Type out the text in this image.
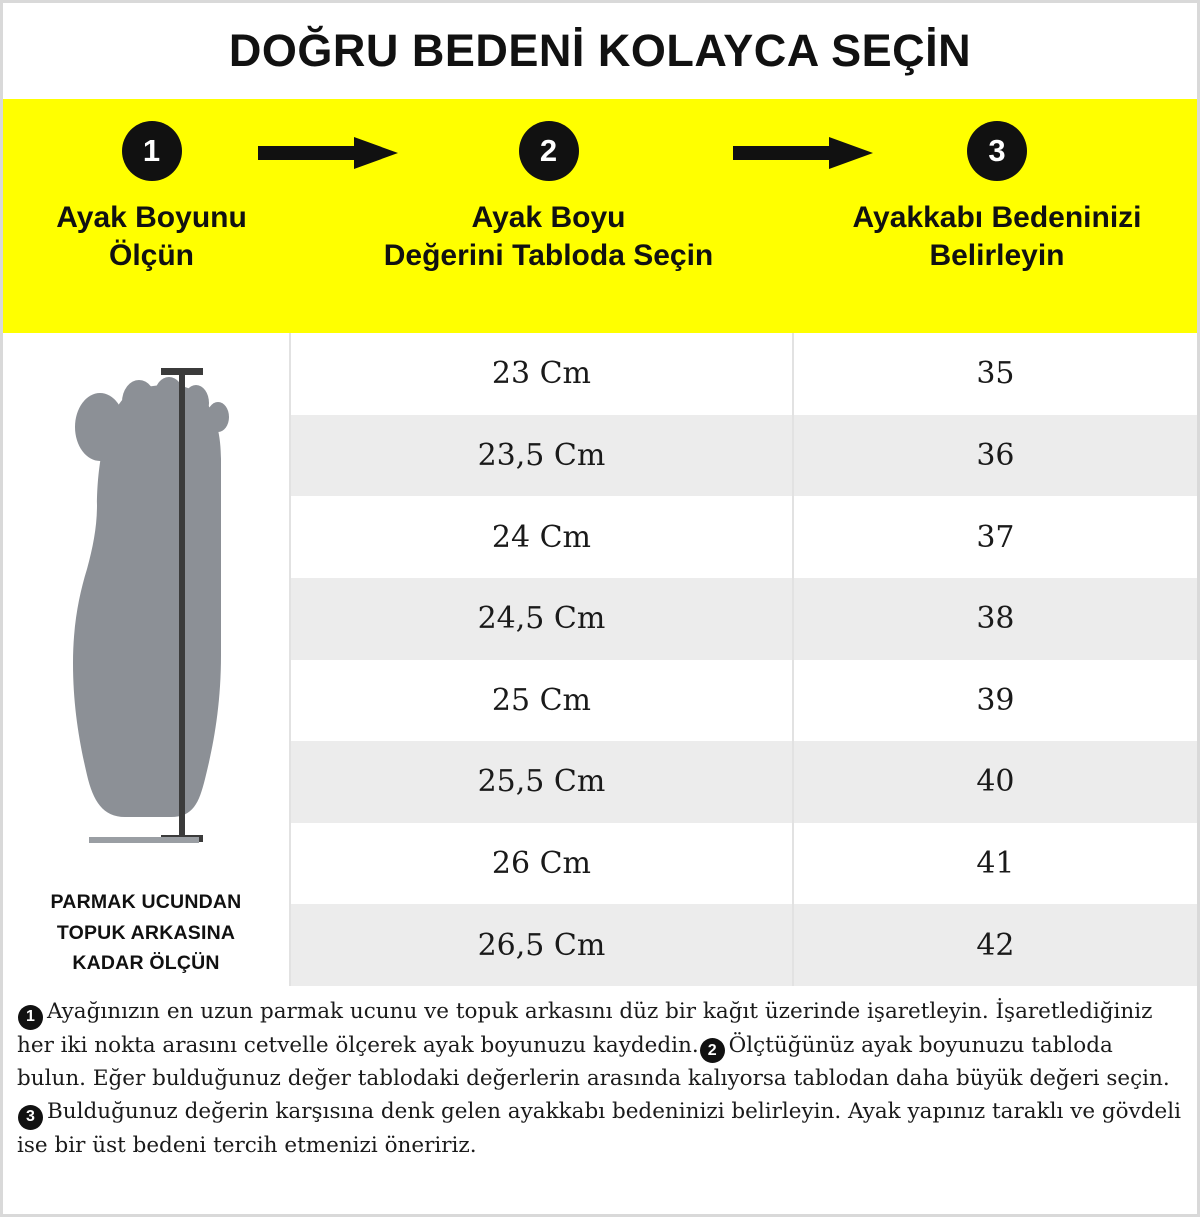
DOĞRU BEDENİ KOLAYCA SEÇİN
1
Ayak Boyunu
Ölçün
2
Ayak Boyu
Değerini Tabloda Seçin
3
Ayakkabı Bedeninizi
Belirleyin
PARMAK UCUNDAN
TOPUK ARKASINA
KADAR ÖLÇÜN
23 Cm	35
23,5 Cm	36
24 Cm	37
24,5 Cm	38
25 Cm	39
25,5 Cm	40
26 Cm	41
26,5 Cm	42
1 Ayağınızın en uzun parmak ucunu ve topuk arkasını düz bir kağıt üzerinde işaretleyin. İşaretlediğiniz her iki nokta arasını cetvelle ölçerek ayak boyunuzu kaydedin. 2 Ölçtüğünüz ayak boyunuzu tabloda bulun. Eğer bulduğunuz değer tablodaki değerlerin arasında kalıyorsa tablodan daha büyük değeri seçin.3 Bulduğunuz değerin karşısına denk gelen ayakkabı bedeninizi belirleyin. Ayak yapınız taraklı ve gövdeli ise bir üst bedeni tercih etmenizi öneririz.
